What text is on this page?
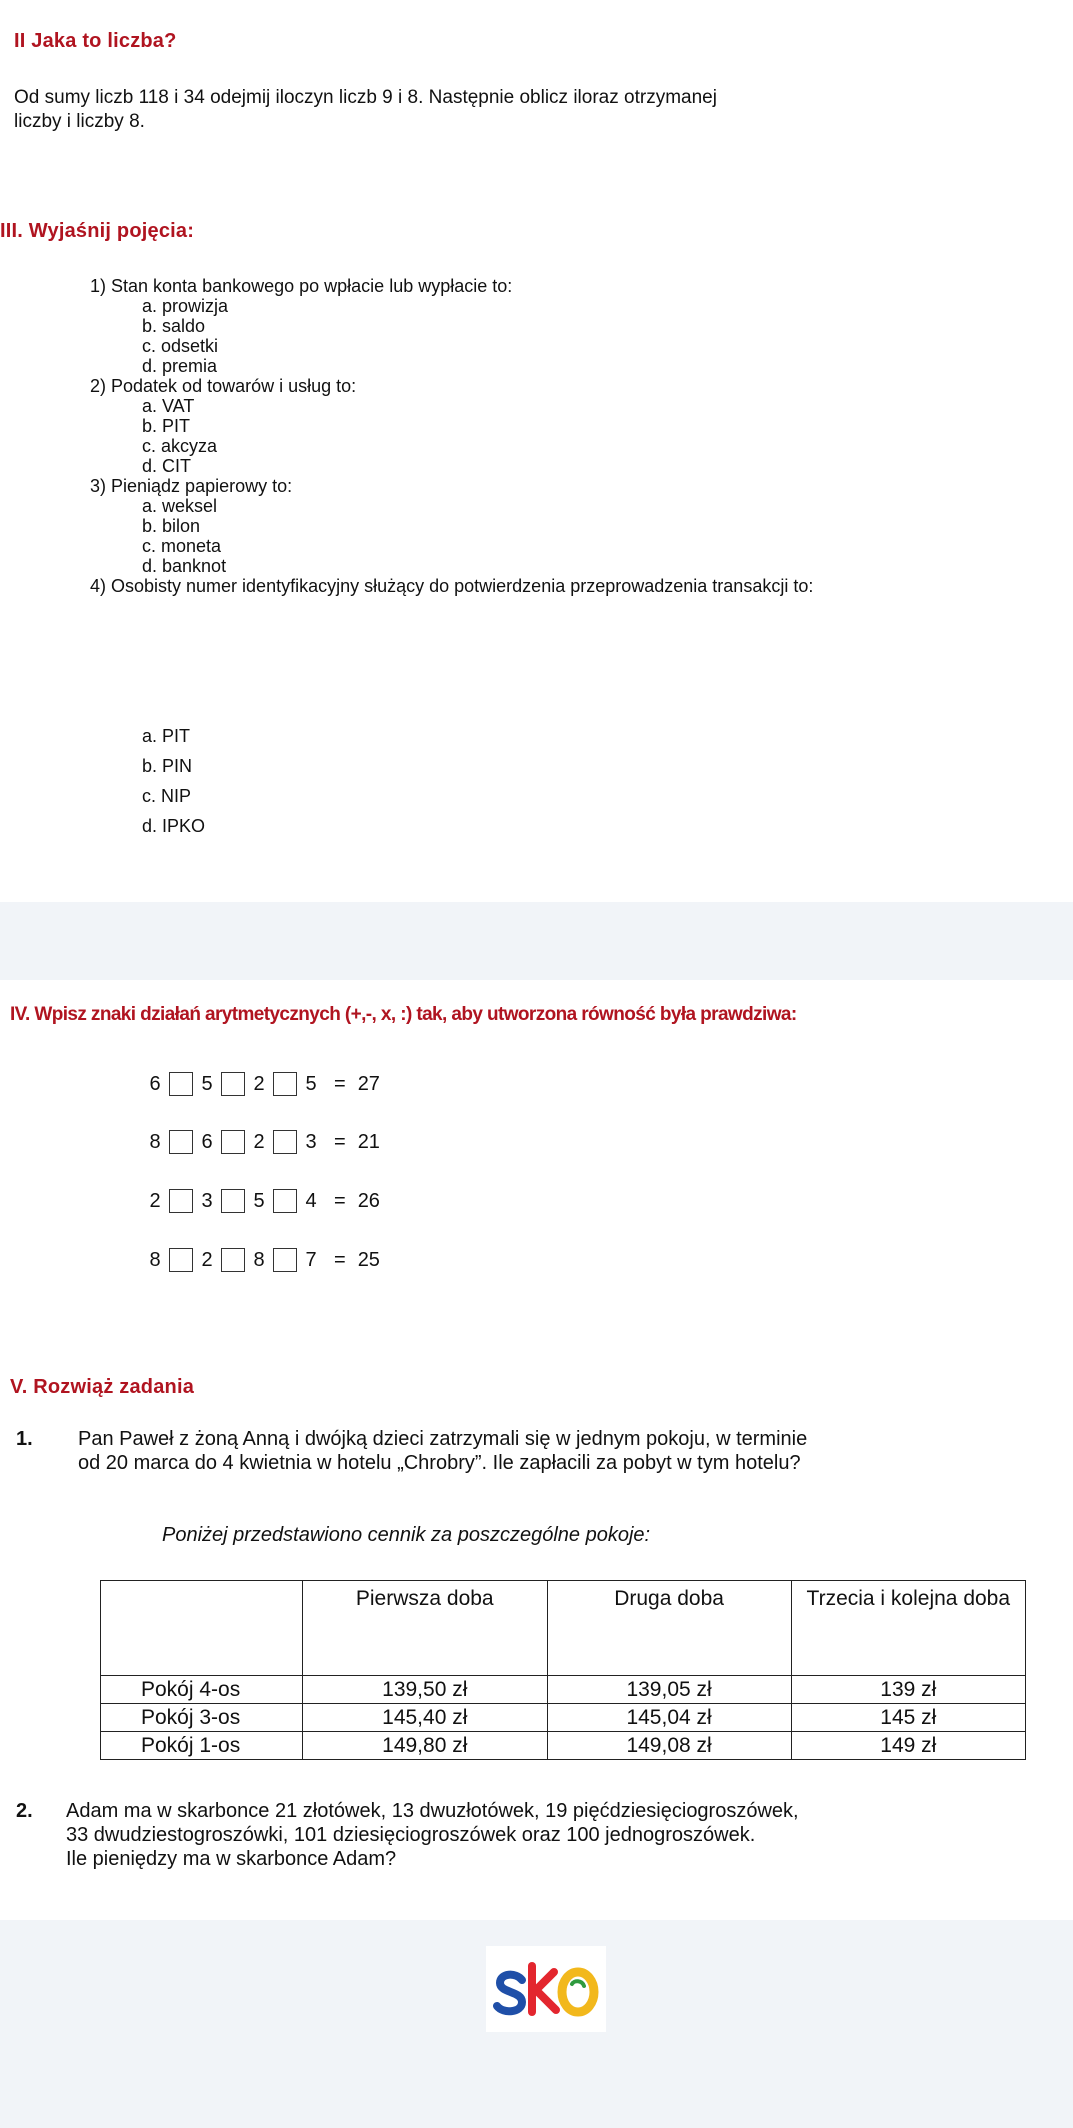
II Jaka to liczba?
Od sumy liczb 118 i 34 odejmij iloczyn liczb 9 i 8. Następnie oblicz iloraz otrzymanej
liczby i liczby 8.
III. Wyjaśnij pojęcia:

1) Stan konta bankowego po wpłacie lub wypłacie to:

a. prowizja

b. saldo

c. odsetki

d. premia

2) Podatek od towarów i usług to:

a. VAT

b. PIT

c. akcyza

d. CIT

3) Pieniądz papierowy to:

a. weksel

b. bilon

c. moneta

d. banknot

4) Osobisty numer identyfikacyjny służący do potwierdzenia przeprowadzenia transakcji to:

a. PIT

b. PIN

c. NIP

d. IPKO

IV. Wpisz znaki działań arytmetycznych (+,-, x, :) tak, aby utworzona równość była prawdziwa:
6 5 2 5 = 27
8 6 2 3 = 21
2 3 5 4 = 26
8 2 8 7 = 25
V. Rozwiąż zadania
1. Pan Paweł z żoną Anną i dwójką dzieci zatrzymali się w jednym pokoju, w terminie
od 20 marca do 4 kwietnia w hotelu „Chrobry”. Ile zapłacili za pobyt w tym hotelu?
Poniżej przedstawiono cennik za poszczególne pokoje:
	Pierwsza doba	Druga doba	Trzecia i kolejna doba
Pokój 4-os	139,50 zł	139,05 zł	139 zł
Pokój 3-os	145,40 zł	145,04 zł	145 zł
Pokój 1-os	149,80 zł	149,08 zł	149 zł
2. Adam ma w skarbonce 21 złotówek, 13 dwuzłotówek, 19 pięćdziesięciogroszówek,
33 dwudziestogroszówki, 101 dziesięciogroszówek oraz 100 jednogroszówek.
Ile pieniędzy ma w skarbonce Adam?
